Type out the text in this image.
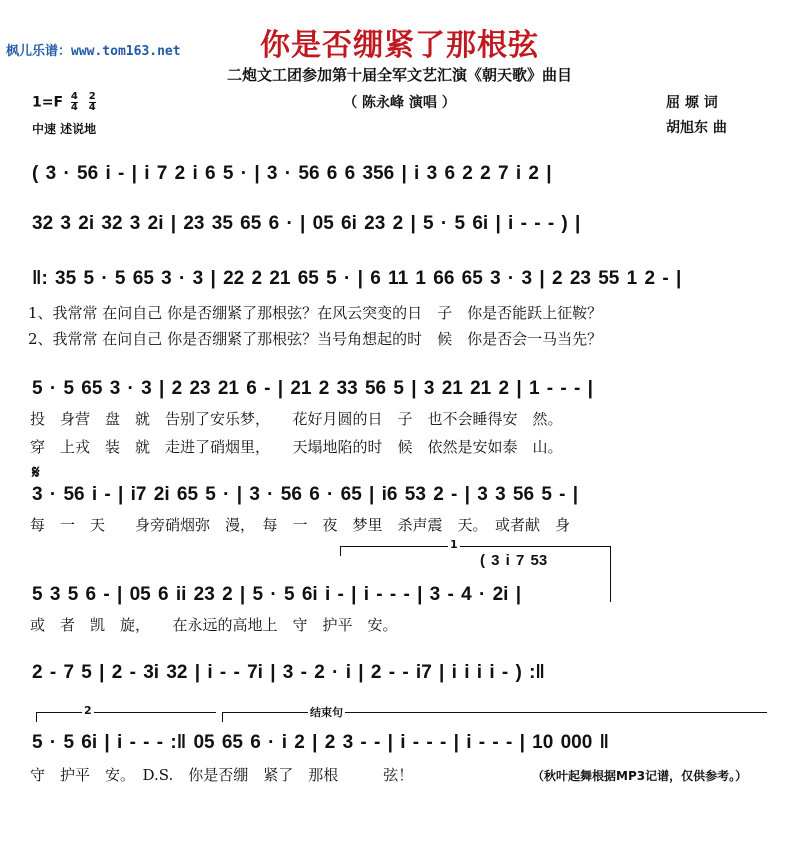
枫儿乐谱：www.tom163.net	你是否绷紧了那根弦
二炮文工团参加第十届全军文艺汇演《朝天歌》曲目
（ 陈永峰 演唱 ）	屈 塬 词
胡旭东 曲
$1=F \frac{4}{4}$
$\frac{2}{4}$
中速 述说地
( 3 · 56 i - | i 7 2 i 6 5 · | 3 · 56 6 6 356 | i 3 6 2 2 7 i 2 |
32 3 2i 32 3 2i | 23 35 65 6 · | 05 6i 23 2 | 5 · 5 6i | i - - - ) |
‖: 35 5 · 5 65 3 · 3 | 22 2 21 65 5 · | 6 11 1 66 65 3 · 3 | 2 23 55 1 2 - |
1、我常常 在问自己 你是否绷紧了那根弦？在风云突变的日　子　你是否能跃上征鞍？
2、我常常 在问自己 你是否绷紧了那根弦？当号角想起的时　候　你是否会一马当先？
5 · 5 65 3 · 3 | 2 23 21 6 - | 21 2 33 56 5 | 3 21 21 2 | 1 - - - |
投　身营　盘　就　告别了安乐梦，　　花好月圆的日　子　也不会睡得安　然。
穿　上戎　装　就　走进了硝烟里，　　天塌地陷的时　候　依然是安如泰　山。
𝄋
3 · 56 i - | i7 2i 65 5 · | 3 · 56 6 · 65 | i6 53 2 - | 3 3 56 5 - |
每　一　天　　身旁硝烟弥　漫，　每　一　夜　梦里　杀声震　天。　或者献　身
1
( 3 i 7 53
5 3 5 6 - | 05 6 ii 23 2 | 5 · 5 6i i - | i - - - | 3 - 4 · 2i |
或　者　凯　旋，　　在永远的高地上　守　护平　安。
2 - 7 5 | 2 - 3i 32 | i - - 7i | 3 - 2 · i | 2 - - i7 | i i i i - ) :‖
2	结束句
5 · 5 6i | i - - - :‖ 05 65 6 · i 2 | 2 3 - - | i - - - | i - - - | 10 000 ‖
守　护平　安。　D.S.　你是否绷　紧了　那根　　　弦！	（秋叶起舞根据MP3记谱，仅供参考。）
